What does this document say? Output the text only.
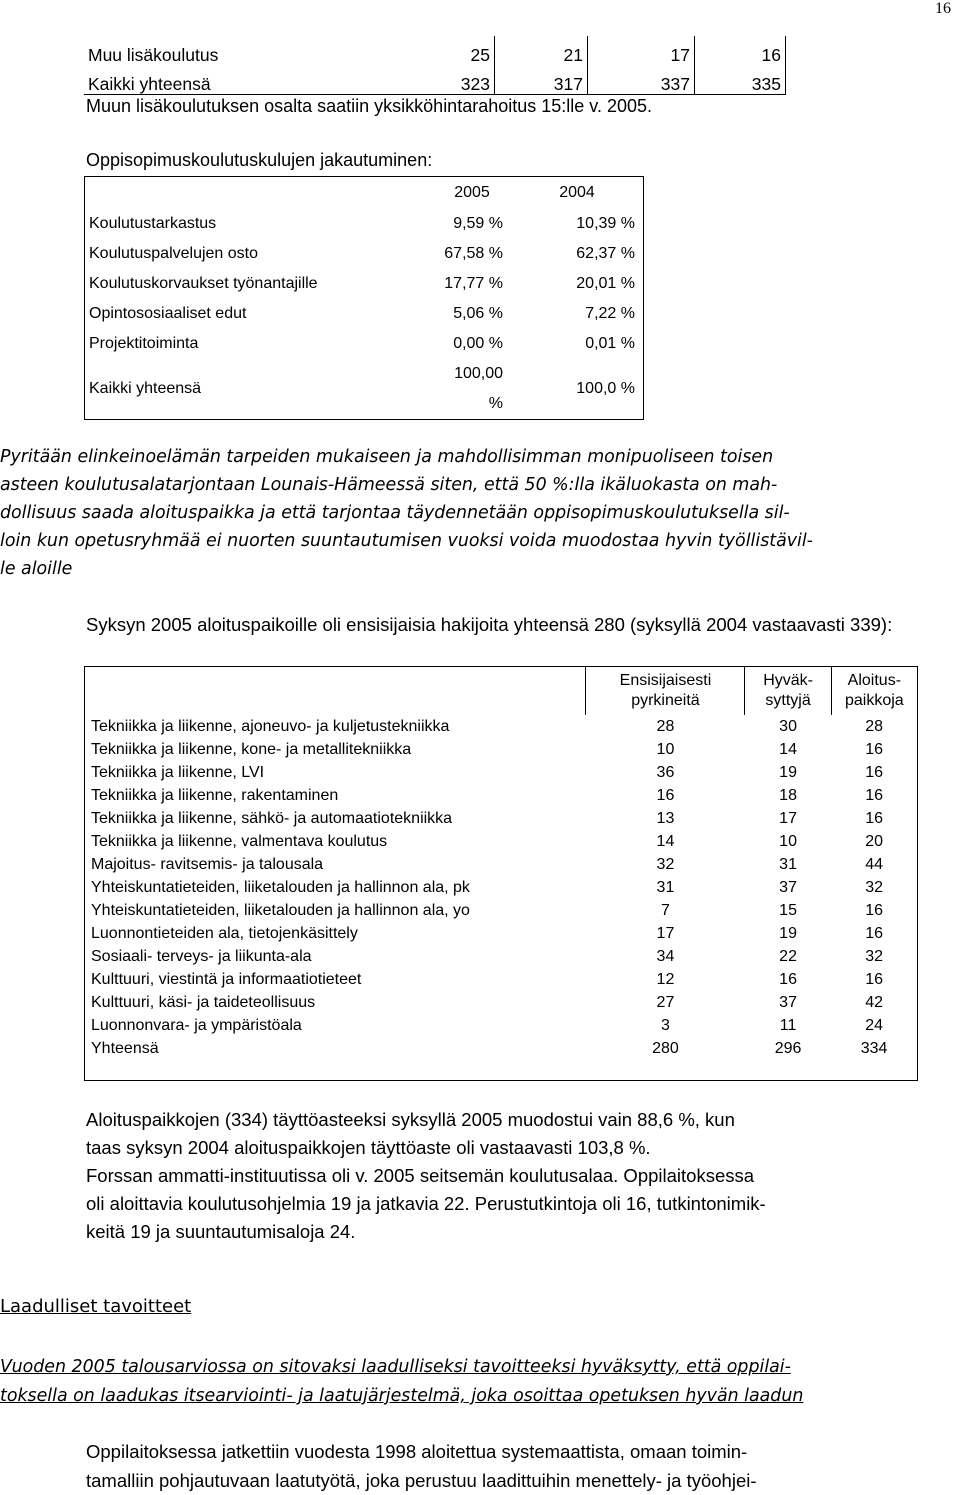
16
Muu lisäkoulutus	25	21	17	16
Kaikki yhteensä	323	317	337	335
Muun lisäkoulutuksen osalta saatiin yksikköhintarahoitus 15:lle v. 2005.
Oppisopimuskoulutuskulujen jakautuminen:
	2005	2004
Koulutustarkastus	9,59 %	10,39 %
Koulutuspalvelujen osto	67,58 %	62,37 %
Koulutuskorvaukset työnantajille	17,77 %	20,01 %
Opintososiaaliset edut	5,06 %	7,22 %
Projektitoiminta	0,00 %	0,01 %
Kaikki yhteensä	100,00 %	100,0 %
Pyritään elinkeinoelämän tarpeiden mukaiseen ja mahdollisimman monipuoliseen toisen
asteen koulutusalatarjontaan Lounais-Hämeessä siten, että 50 %:lla ikäluokasta on mah-
dollisuus saada aloituspaikka ja että tarjontaa täydennetään oppisopimuskoulutuksella sil-
loin kun opetusryhmää ei nuorten suuntautumisen vuoksi voida muodostaa hyvin työllistävil-
le aloille
Syksyn 2005 aloituspaikoille oli ensisijaisia hakijoita yhteensä 280 (syksyllä 2004 vastaavasti 339):
	Ensisijaisesti pyrkineitä	Hyväk-syttyjä	Aloitus-paikkoja
Tekniikka ja liikenne, ajoneuvo- ja kuljetustekniikka	28	30	28
Tekniikka ja liikenne, kone- ja metallitekniikka	10	14	16
Tekniikka ja liikenne, LVI	36	19	16
Tekniikka ja liikenne, rakentaminen	16	18	16
Tekniikka ja liikenne, sähkö- ja automaatiotekniikka	13	17	16
Tekniikka ja liikenne, valmentava koulutus	14	10	20
Majoitus- ravitsemis- ja talousala	32	31	44
Yhteiskuntatieteiden, liiketalouden ja hallinnon ala, pk	31	37	32
Yhteiskuntatieteiden, liiketalouden ja hallinnon ala, yo	7	15	16
Luonnontieteiden ala, tietojenkäsittely	17	19	16
Sosiaali- terveys- ja liikunta-ala	34	22	32
Kulttuuri, viestintä ja informaatiotieteet	12	16	16
Kulttuuri, käsi- ja taideteollisuus	27	37	42
Luonnonvara- ja ympäristöala	3	11	24
Yhteensä	280	296	334

Aloituspaikkojen (334) täyttöasteeksi syksyllä 2005 muodostui vain 88,6 %, kun
taas syksyn 2004 aloituspaikkojen täyttöaste oli vastaavasti 103,8 %.
Forssan ammatti-instituutissa oli v. 2005 seitsemän koulutusalaa. Oppilaitoksessa
oli aloittavia koulutusohjelmia 19 ja jatkavia 22. Perustutkintoja oli 16, tutkintonimik-
keitä 19 ja suuntautumisaloja 24.
Laadulliset tavoitteet
Vuoden 2005 talousarviossa on sitovaksi laadulliseksi tavoitteeksi hyväksytty, että oppilai-
toksella on laadukas itsearviointi- ja laatujärjestelmä, joka osoittaa opetuksen hyvän laadun
Oppilaitoksessa jatkettiin vuodesta 1998 aloitettua systemaattista, omaan toimin-
tamalliin pohjautuvaan laatutyötä, joka perustuu laadittuihin menettely- ja työohjei-
